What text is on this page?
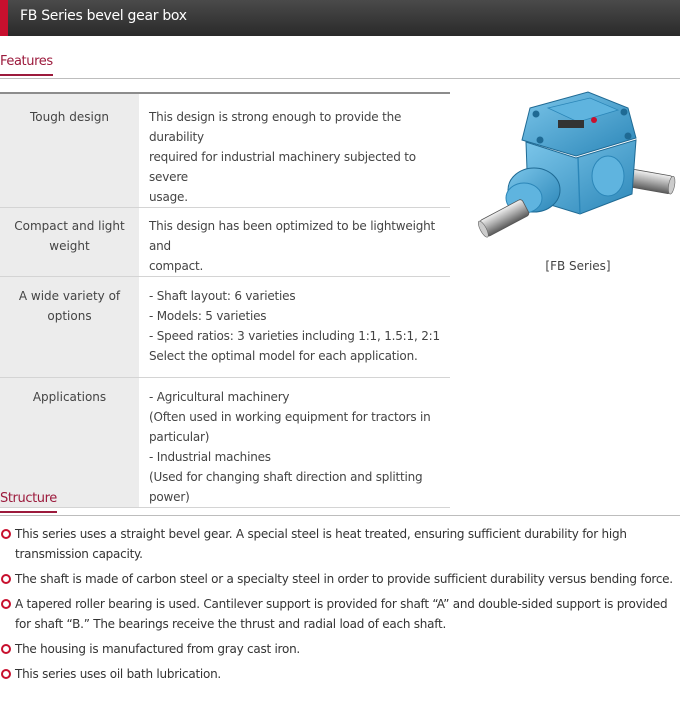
FB Series bevel gear box
Features
Tough design	This design is strong enough to provide the durability
required for industrial machinery subjected to severe
usage.

Compact and light weight	This design has been optimized to be lightweight and
compact.

A wide variety of options	- Shaft layout: 6 varieties
- Models: 5 varieties
- Speed ratios: 3 varieties including 1:1, 1.5:1, 2:1
Select the optimal model for each application.

Applications	- Agricultural machinery
(Often used in working equipment for tractors in
particular)
- Industrial machines
(Used for changing shaft direction and splitting power)
[FB Series]
Structure
This series uses a straight bevel gear. A special steel is heat treated, ensuring sufficient durability for high transmission capacity.
The shaft is made of carbon steel or a specialty steel in order to provide sufficient durability versus bending force.
A tapered roller bearing is used. Cantilever support is provided for shaft “A” and double-sided support is provided for shaft “B.” The bearings receive the thrust and radial load of each shaft.
The housing is manufactured from gray cast iron.
This series uses oil bath lubrication.
